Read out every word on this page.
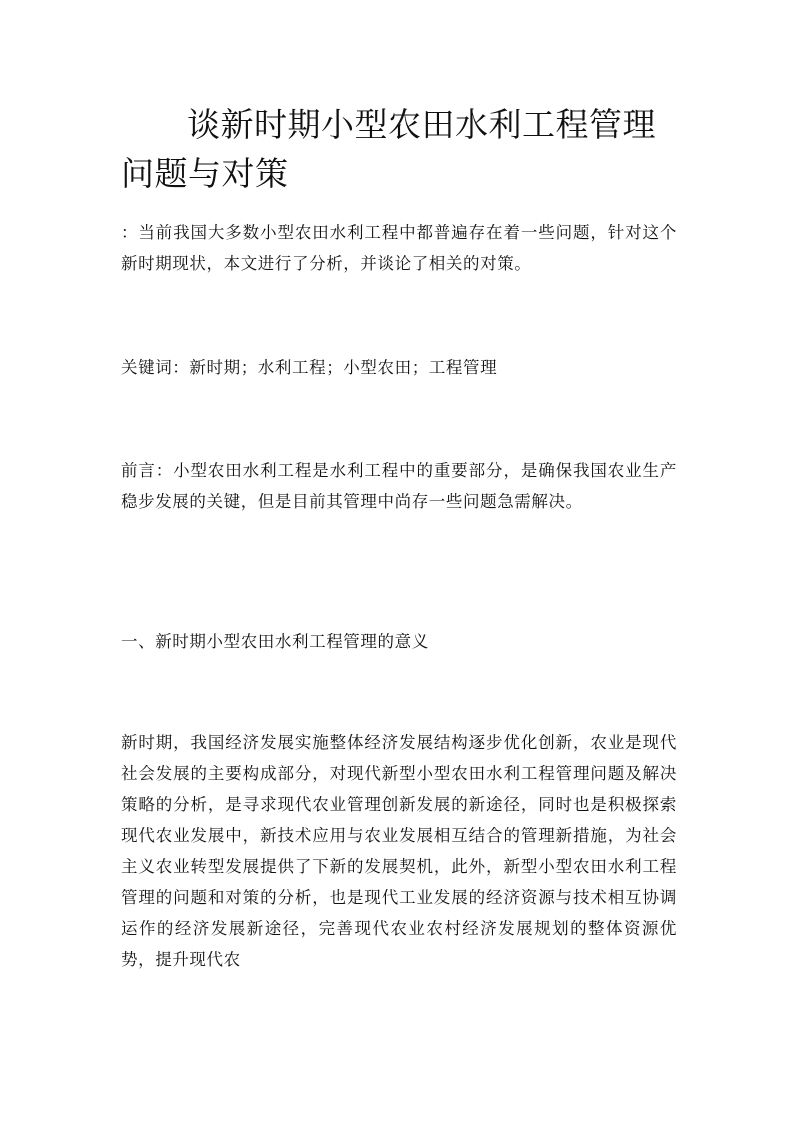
谈新时期小型农田水利工程管理问题与对策

：当前我国大多数小型农田水利工程中都普遍存在着一些问题，针对这个新时期现状，本文进行了分析，并谈论了相关的对策。

关键词：新时期；水利工程；小型农田；工程管理

前言：小型农田水利工程是水利工程中的重要部分，是确保我国农业生产稳步发展的关键，但是目前其管理中尚存一些问题急需解决。

一、新时期小型农田水利工程管理的意义

新时期，我国经济发展实施整体经济发展结构逐步优化创新，农业是现代社会发展的主要构成部分，对现代新型小型农田水利工程管理问题及解决策略的分析，是寻求现代农业管理创新发展的新途径，同时也是积极探索现代农业发展中，新技术应用与农业发展相互结合的管理新措施，为社会主义农业转型发展提供了下新的发展契机，此外，新型小型农田水利工程管理的问题和对策的分析，也是现代工业发展的经济资源与技术相互协调运作的经济发展新途径，完善现代农业农村经济发展规划的整体资源优势，提升现代农
